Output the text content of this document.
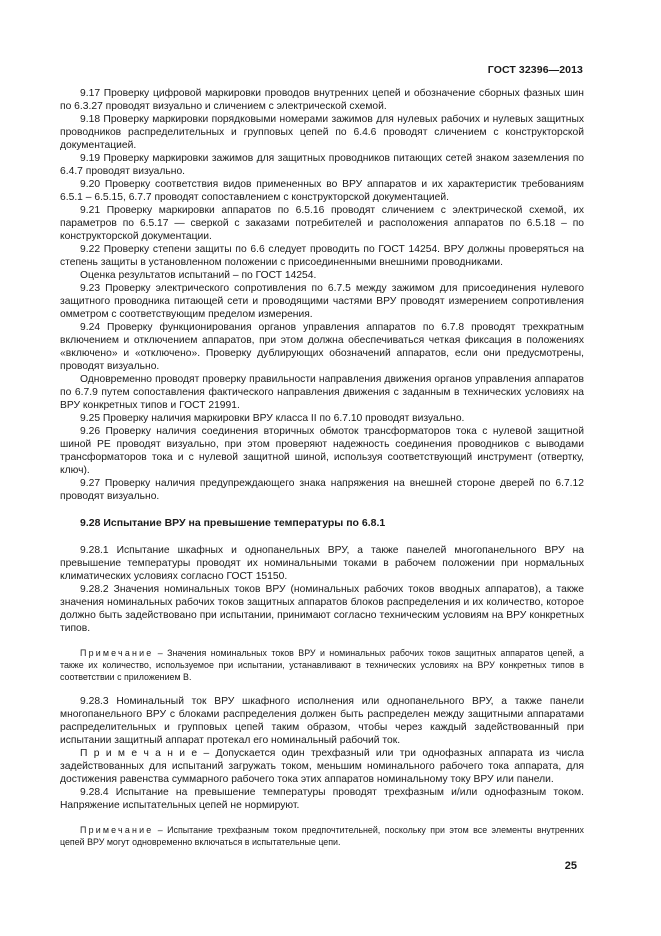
ГОСТ 32396—2013

9.17 Проверку цифровой маркировки проводов внутренних цепей и обозначение сборных фазных шин по 6.3.27 проводят визуально и сличением с электрической схемой.

9.18 Проверку маркировки порядковыми номерами зажимов для нулевых рабочих и нулевых защитных проводников распределительных и групповых цепей по 6.4.6 проводят сличением с конструкторской документацией.

9.19 Проверку маркировки зажимов для защитных проводников питающих сетей знаком заземления по 6.4.7 проводят визуально.

9.20 Проверку соответствия видов примененных во ВРУ аппаратов и их характеристик требованиям 6.5.1 – 6.5.15, 6.7.7 проводят сопоставлением с конструкторской документацией.

9.21 Проверку маркировки аппаратов по 6.5.16 проводят сличением с электрической схемой, их параметров по 6.5.17 — сверкой с заказами потребителей и расположения аппаратов по 6.5.18 – по конструкторской документации.

9.22 Проверку степени защиты по 6.6 следует проводить по ГОСТ 14254. ВРУ должны проверяться на степень защиты в установленном положении с присоединенными внешними проводниками.

Оценка результатов испытаний – по ГОСТ 14254.

9.23 Проверку электрического сопротивления по 6.7.5 между зажимом для присоединения нулевого защитного проводника питающей сети и проводящими частями ВРУ проводят измерением сопротивления омметром с соответствующим пределом измерения.

9.24 Проверку функционирования органов управления аппаратов по 6.7.8 проводят трехкратным включением и отключением аппаратов, при этом должна обеспечиваться четкая фиксация в положениях «включено» и «отключено». Проверку дублирующих обозначений аппаратов, если они предусмотрены, проводят визуально.

Одновременно проводят проверку правильности направления движения органов управления аппаратов по 6.7.9 путем сопоставления фактического направления движения с заданным в технических условиях на ВРУ конкретных типов и ГОСТ 21991.

9.25 Проверку наличия маркировки ВРУ класса II по 6.7.10 проводят визуально.

9.26 Проверку наличия соединения вторичных обмоток трансформаторов тока с нулевой защитной шиной РЕ проводят визуально, при этом проверяют надежность соединения проводников с выводами трансформаторов тока и с нулевой защитной шиной, используя соответствующий инструмент (отвертку, ключ).

9.27 Проверку наличия предупреждающего знака напряжения на внешней стороне дверей по 6.7.12 проводят визуально.

9.28 Испытание ВРУ на превышение температуры по 6.8.1

9.28.1 Испытание шкафных и однопанельных ВРУ, а также панелей многопанельного ВРУ на превышение температуры проводят их номинальными токами в рабочем положении при нормальных климатических условиях согласно ГОСТ 15150.

9.28.2 Значения номинальных токов ВРУ (номинальных рабочих токов вводных аппаратов), а также значения номинальных рабочих токов защитных аппаратов блоков распределения и их количество, которое должно быть задействовано при испытании, принимают согласно техническим условиям на ВРУ конкретных типов.

Примечание – Значения номинальных токов ВРУ и номинальных рабочих токов защитных аппаратов цепей, а также их количество, используемое при испытании, устанавливают в технических условиях на ВРУ конкретных типов в соответствии с приложением В.

9.28.3 Номинальный ток ВРУ шкафного исполнения или однопанельного ВРУ, а также панели многопанельного ВРУ с блоками распределения должен быть распределен между защитными аппаратами распределительных и групповых цепей таким образом, чтобы через каждый задействованный при испытании защитный аппарат протекал его номинальный рабочий ток.

П р и м е ч а н и е – Допускается один трехфазный или три однофазных аппарата из числа задействованных для испытаний загружать током, меньшим номинального рабочего тока аппарата, для достижения равенства суммарного рабочего тока этих аппаратов номинальному току ВРУ или панели.

9.28.4 Испытание на превышение температуры проводят трехфазным и/или однофазным током. Напряжение испытательных цепей не нормируют.

Примечание – Испытание трехфазным током предпочтительней, поскольку при этом все элементы внутренних цепей ВРУ могут одновременно включаться в испытательные цепи.

25
